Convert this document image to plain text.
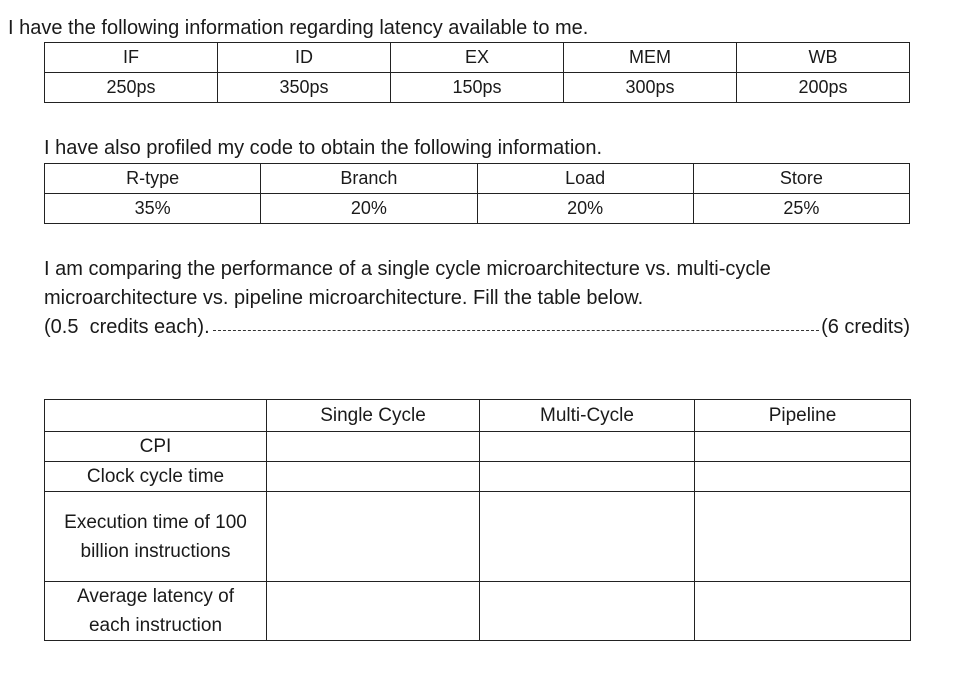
I have the following information regarding latency available to me.
IF	ID	EX	MEM	WB
250ps	350ps	150ps	300ps	200ps
I have also profiled my code to obtain the following information.
R-type	Branch	Load	Store
35%	20%	20%	25%
I am comparing the performance of a single cycle microarchitecture vs. multi-cycle
microarchitecture vs. pipeline microarchitecture. Fill the table below.
(0.5  credits each).	(6 credits)
	Single Cycle	Multi-Cycle	Pipeline
CPI			
Clock cycle time			
Execution time of 100 billion instructions			
Average latency of each instruction			
